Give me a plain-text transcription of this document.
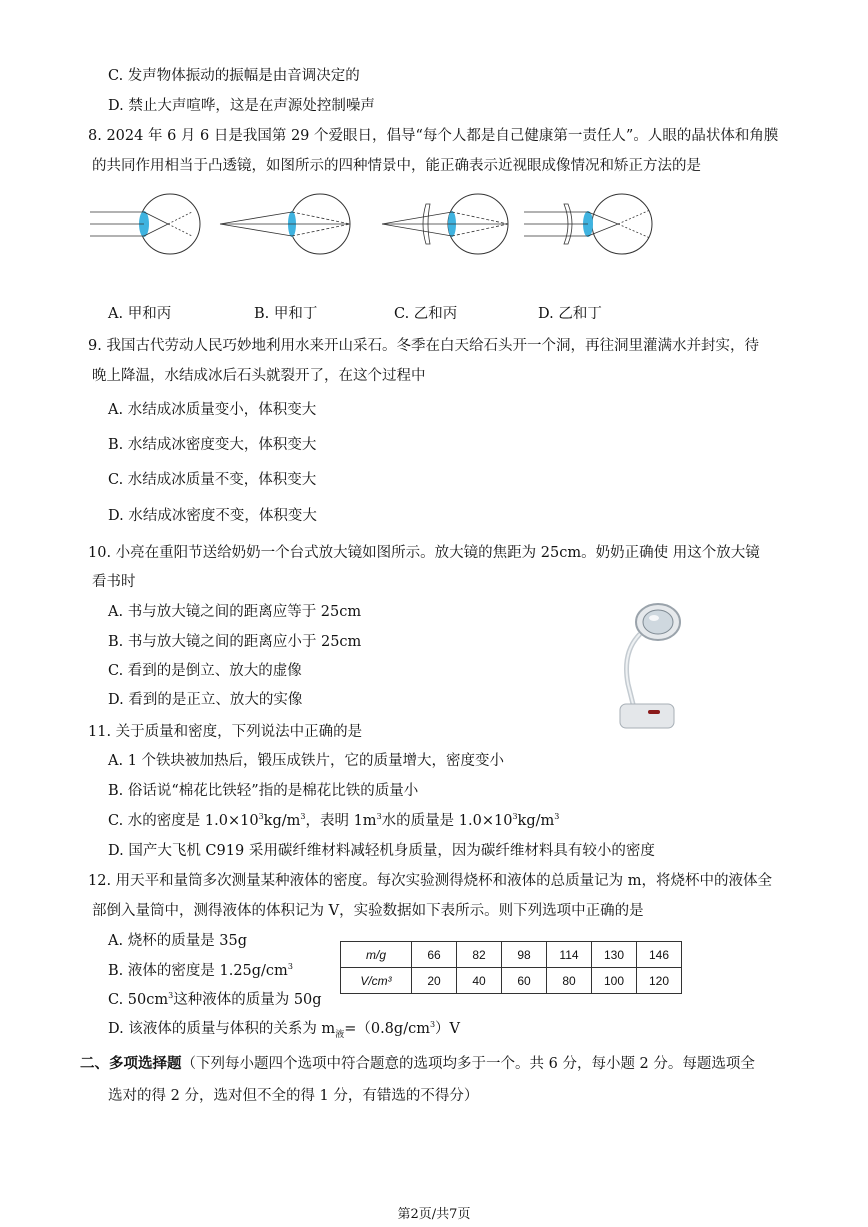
C. 发声物体振动的振幅是由音调决定的
D. 禁止大声喧哗，这是在声源处控制噪声
8. 2024 年 6 月 6 日是我国第 29 个爱眼日，倡导“每个人都是自己健康第一责任人”。人眼的晶状体和角膜
的共同作用相当于凸透镜，如图所示的四种情景中，能正确表示近视眼成像情况和矫正方法的是
A. 甲和丙	B. 甲和丁	C. 乙和丙	D. 乙和丁
9. 我国古代劳动人民巧妙地利用水来开山采石。冬季在白天给石头开一个洞，再往洞里灌满水并封实，待
晚上降温，水结成冰后石头就裂开了，在这个过程中
A. 水结成冰质量变小，体积变大
B. 水结成冰密度变大，体积变大
C. 水结成冰质量不变，体积变大
D. 水结成冰密度不变，体积变大
10. 小亮在重阳节送给奶奶一个台式放大镜如图所示。放大镜的焦距为 25cm。奶奶正确使 用这个放大镜
看书时
A. 书与放大镜之间的距离应等于 25cm
B. 书与放大镜之间的距离应小于 25cm
C. 看到的是倒立、放大的虚像
D. 看到的是正立、放大的实像
11. 关于质量和密度，下列说法中正确的是
A. 1 个铁块被加热后，锻压成铁片，它的质量增大，密度变小
B. 俗话说“棉花比铁轻”指的是棉花比铁的质量小
C. 水的密度是 $1.0\times 10^3kg/m^3$，表明 $1m^3$水的质量是 $1.0\times 10^3kg/m^3$
D. 国产大飞机 C919 采用碳纤维材料减轻机身质量，因为碳纤维材料具有较小的密度
12. 用天平和量筒多次测量某种液体的密度。每次实验测得烧杯和液体的总质量记为 m，将烧杯中的液体全
部倒入量筒中，测得液体的体积记为 V，实验数据如下表所示。则下列选项中正确的是
A. 烧杯的质量是 35g
B. 液体的密度是 $1.25g/cm^3$
C. $50cm^3$这种液体的质量为 50g
D. 该液体的质量与体积的关系为 $m_液=(0.8g/cm^3)V$
m/g	66	82	98	114	130	146
V/cm³	20	40	60	80	100	120
二、多项选择题（下列每小题四个选项中符合题意的选项均多于一个。共 6 分，每小题 2 分。每题选项全
选对的得 2 分，选对但不全的得 1 分，有错选的不得分）
第2页/共7页
